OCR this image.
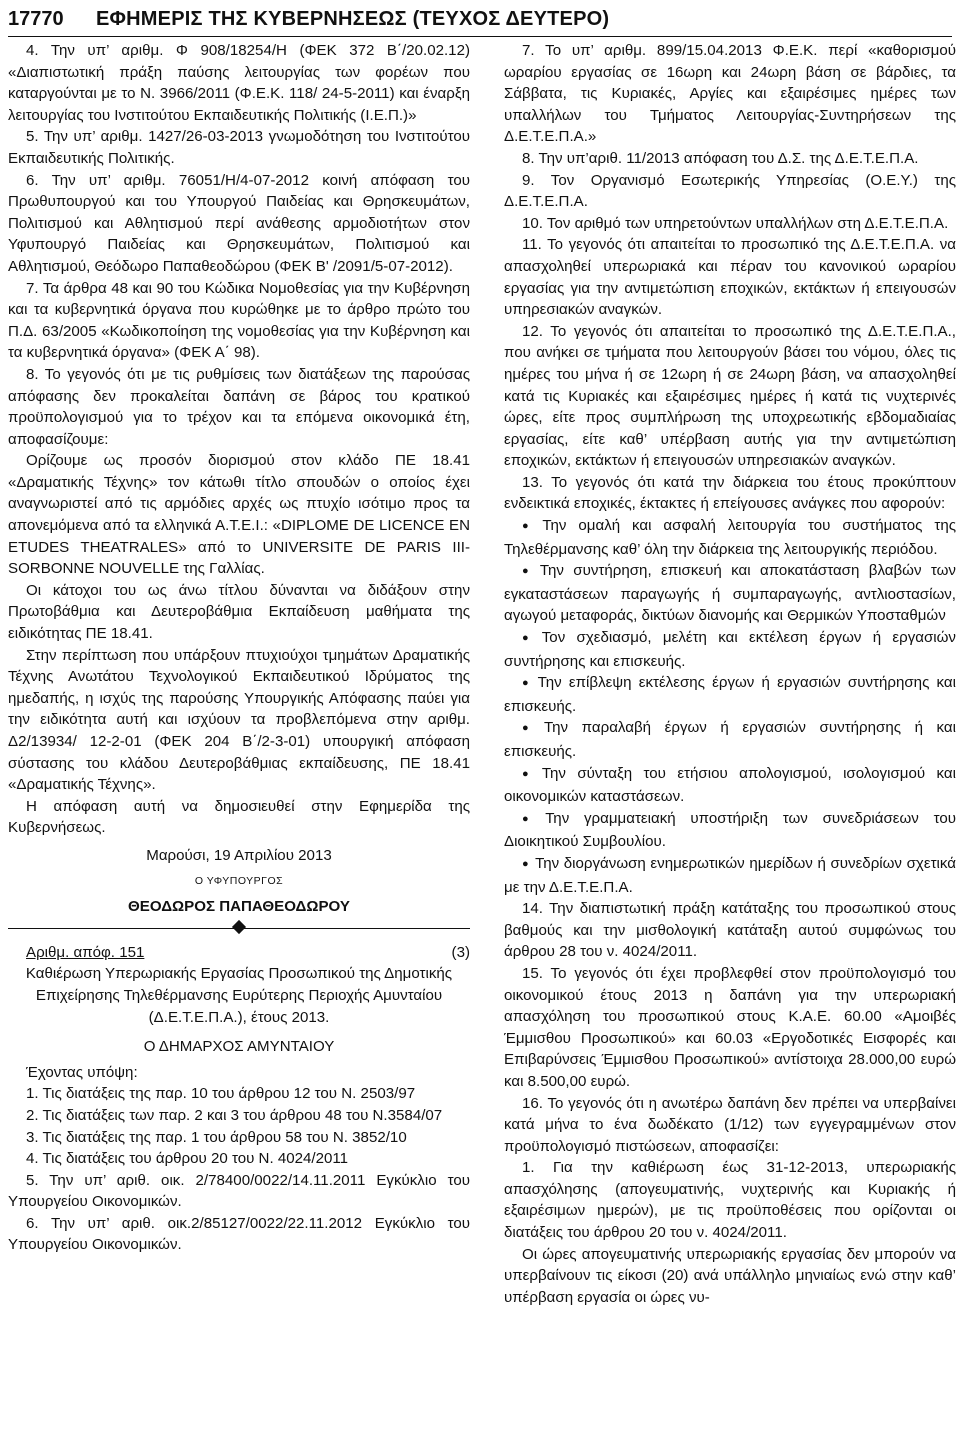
17770	ΕΦΗΜΕΡΙΣ ΤΗΣ ΚΥΒΕΡΝΗΣΕΩΣ (ΤΕΥΧΟΣ ΔΕΥΤΕΡΟ)

4. Την υπ’ αριθμ. Φ 908/18254/Η (ΦΕΚ 372 Β΄/20.02.12) «Διαπιστωτική πράξη παύσης λειτουργίας των φορέων που καταργούνται με το Ν. 3966/2011 (Φ.Ε.Κ. 118/ 24-5-2011) και έναρξη λειτουργίας του Ινστιτούτου Εκπαιδευτικής Πολιτικής (Ι.Ε.Π.)»

5. Την υπ’ αριθμ. 1427/26-03-2013 γνωμοδότηση του Ινστιτούτου Εκπαιδευτικής Πολιτικής.

6. Την υπ’ αριθμ. 76051/Η/4-07-2012 κοινή απόφαση του Πρωθυπουργού και του Υπουργού Παιδείας και Θρησκευμάτων, Πολιτισμού και Αθλητισμού περί ανάθεσης αρμοδιοτήτων στον Υφυπουργό Παιδείας και Θρησκευμάτων, Πολιτισμού και Αθλητισμού, Θεόδωρο Παπαθεοδώρου (ΦΕΚ Β' /2091/5-07-2012).

7. Τα άρθρα 48 και 90 του Κώδικα Νομοθεσίας για την Κυβέρνηση και τα κυβερνητικά όργανα που κυρώθηκε με το άρθρο πρώτο του Π.Δ. 63/2005 «Κωδικοποίηση της νομοθεσίας για την Κυβέρνηση και τα κυβερνητικά όργανα» (ΦΕΚ Α΄ 98).

8. Το γεγονός ότι με τις ρυθμίσεις των διατάξεων της παρούσας απόφασης δεν προκαλείται δαπάνη σε βάρος του κρατικού προϋπολογισμού για το τρέχον και τα επόμενα οικονομικά έτη, αποφασίζουμε:

Ορίζουμε ως προσόν διορισμού στον κλάδο ΠΕ 18.41 «Δραματικής Τέχνης» τον κάτωθι τίτλο σπουδών ο οποίος έχει αναγνωριστεί από τις αρμόδιες αρχές ως πτυχίο ισότιμο προς τα απονεμόμενα από τα ελληνικά Α.Τ.Ε.Ι.: «DIPLOME DE LICENCE EN ETUDES THEATRALES» από το UNIVERSITE DE PARIS III-SORBONNE NOUVELLE της Γαλλίας.

Οι κάτοχοι του ως άνω τίτλου δύνανται να διδάξουν στην Πρωτοβάθμια και Δευτεροβάθμια Εκπαίδευση μαθήματα της ειδικότητας ΠΕ 18.41.

Στην περίπτωση που υπάρξουν πτυχιούχοι τμημάτων Δραματικής Τέχνης Ανωτάτου Τεχνολογικού Εκπαιδευτικού Ιδρύματος της ημεδαπής, η ισχύς της παρούσης Υπουργικής Απόφασης παύει για την ειδικότητα αυτή και ισχύουν τα προβλεπόμενα στην αριθμ. Δ2/13934/ 12-2-01 (ΦΕΚ 204 Β΄/2-3-01) υπουργική απόφαση σύστασης του κλάδου Δευτεροβάθμιας εκπαίδευσης, ΠΕ 18.41 «Δραματικής Τέχνης».

Η απόφαση αυτή να δημοσιευθεί στην Εφημερίδα της Κυβερνήσεως.

Μαρούσι, 19 Απριλίου 2013

Ο ΥΦΥΠΟΥΡΓΟΣ

ΘΕΟΔΩΡΟΣ ΠΑΠΑΘΕΟΔΩΡΟΥ

Αριθμ. απόφ. 151	(3)

Καθιέρωση Υπερωριακής Εργασίας Προσωπικού της Δημοτικής Επιχείρησης Τηλεθέρμανσης Ευρύτερης Περιοχής Αμυνταίου (Δ.Ε.Τ.Ε.Π.Α.), έτους 2013.

Ο ΔΗΜΑΡΧΟΣ ΑΜΥΝΤΑΙΟΥ

Έχοντας υπόψη:

1. Τις διατάξεις της παρ. 10 του άρθρου 12 του Ν. 2503/97

2. Τις διατάξεις των παρ. 2 και 3 του άρθρου 48 του Ν.3584/07

3. Τις διατάξεις της παρ. 1 του άρθρου 58 του Ν. 3852/10

4. Τις διατάξεις του άρθρου 20 του Ν. 4024/2011

5. Την υπ’ αριθ. οικ. 2/78400/0022/14.11.2011 Εγκύκλιο του Υπουργείου Οικονομικών.

6. Την υπ’ αριθ. οικ.2/85127/0022/22.11.2012 Εγκύκλιο του Υπουργείου Οικονομικών.

7. Το υπ’ αριθμ. 899/15.04.2013 Φ.Ε.Κ. περί «καθορισμού ωραρίου εργασίας σε 16ωρη και 24ωρη βάση σε βάρδιες, τα Σάββατα, τις Κυριακές, Αργίες και εξαιρέσιμες ημέρες των υπαλλήλων του Τμήματος Λειτουργίας-Συντηρήσεων της Δ.Ε.Τ.Ε.Π.Α.»

8. Την υπ’αριθ. 11/2013 απόφαση του Δ.Σ. της Δ.Ε.Τ.Ε.Π.Α.

9. Τον Οργανισμό Εσωτερικής Υπηρεσίας (Ο.Ε.Υ.) της Δ.Ε.Τ.Ε.Π.Α.

10. Τον αριθμό των υπηρετούντων υπαλλήλων στη Δ.Ε.Τ.Ε.Π.Α.

11. Το γεγονός ότι απαιτείται το προσωπικό της Δ.Ε.Τ.Ε.Π.Α. να απασχοληθεί υπερωριακά και πέραν του κανονικού ωραρίου εργασίας για την αντιμετώπιση εποχικών, εκτάκτων ή επειγουσών υπηρεσιακών αναγκών.

12. Το γεγονός ότι απαιτείται το προσωπικό της Δ.Ε.Τ.Ε.Π.Α., που ανήκει σε τμήματα που λειτουργούν βάσει του νόμου, όλες τις ημέρες του μήνα ή σε 12ωρη ή σε 24ωρη βάση, να απασχοληθεί κατά τις Κυριακές και εξαιρέσιμες ημέρες ή κατά τις νυχτερινές ώρες, είτε προς συμπλήρωση της υποχρεωτικής εβδομαδιαίας εργασίας, είτε καθ’ υπέρβαση αυτής για την αντιμετώπιση εποχικών, εκτάκτων ή επειγουσών υπηρεσιακών αναγκών.

13. Το γεγονός ότι κατά την διάρκεια του έτους προκύπτουν ενδεικτικά εποχικές, έκτακτες ή επείγουσες ανάγκες που αφορούν:

● Την ομαλή και ασφαλή λειτουργία του συστήματος της Τηλεθέρμανσης καθ’ όλη την διάρκεια της λειτουργικής περιόδου.

● Την συντήρηση, επισκευή και αποκατάσταση βλαβών των εγκαταστάσεων παραγωγής ή συμπαραγωγής, αντλιοστασίων, αγωγού μεταφοράς, δικτύων διανομής και Θερμικών Υποσταθμών

● Τον σχεδιασμό, μελέτη και εκτέλεση έργων ή εργασιών συντήρησης και επισκευής.

● Την επίβλεψη εκτέλεσης έργων ή εργασιών συντήρησης και επισκευής.

● Την παραλαβή έργων ή εργασιών συντήρησης ή και επισκευής.

● Την σύνταξη του ετήσιου απολογισμού, ισολογισμού και οικονομικών καταστάσεων.

● Την γραμματειακή υποστήριξη των συνεδριάσεων του Διοικητικού Συμβουλίου.

● Την διοργάνωση ενημερωτικών ημερίδων ή συνεδρίων σχετικά με την Δ.Ε.Τ.Ε.Π.Α.

14. Την διαπιστωτική πράξη κατάταξης του προσωπικού στους βαθμούς και την μισθολογική κατάταξη αυτού συμφώνως του άρθρου 28 του ν. 4024/2011.

15. Το γεγονός ότι έχει προβλεφθεί στον προϋπολογισμό του οικονομικού έτους 2013 η δαπάνη για την υπερωριακή απασχόληση του προσωπικού στους Κ.Α.Ε. 60.00 «Αμοιβές Έμμισθου Προσωπικού» και 60.03 «Εργοδοτικές Εισφορές και Επιβαρύνσεις Έμμισθου Προσωπικού» αντίστοιχα 28.000,00 ευρώ και 8.500,00 ευρώ.

16. Το γεγονός ότι η ανωτέρω δαπάνη δεν πρέπει να υπερβαίνει κατά μήνα το ένα δωδέκατο (1/12) των εγγεγραμμένων στον προϋπολογισμό πιστώσεων, αποφασίζει:

1. Για την καθιέρωση έως 31-12-2013, υπερωριακής απασχόλησης (απογευματινής, νυχτερινής και Κυριακής ή εξαιρέσιμων ημερών), με τις προϋποθέσεις που ορίζονται οι διατάξεις του άρθρου 20 του ν. 4024/2011.

Οι ώρες απογευματινής υπερωριακής εργασίας δεν μπορούν να υπερβαίνουν τις είκοσι (20) ανά υπάλληλο μηνιαίως ενώ στην καθ’ υπέρβαση εργασία οι ώρες νυ-
